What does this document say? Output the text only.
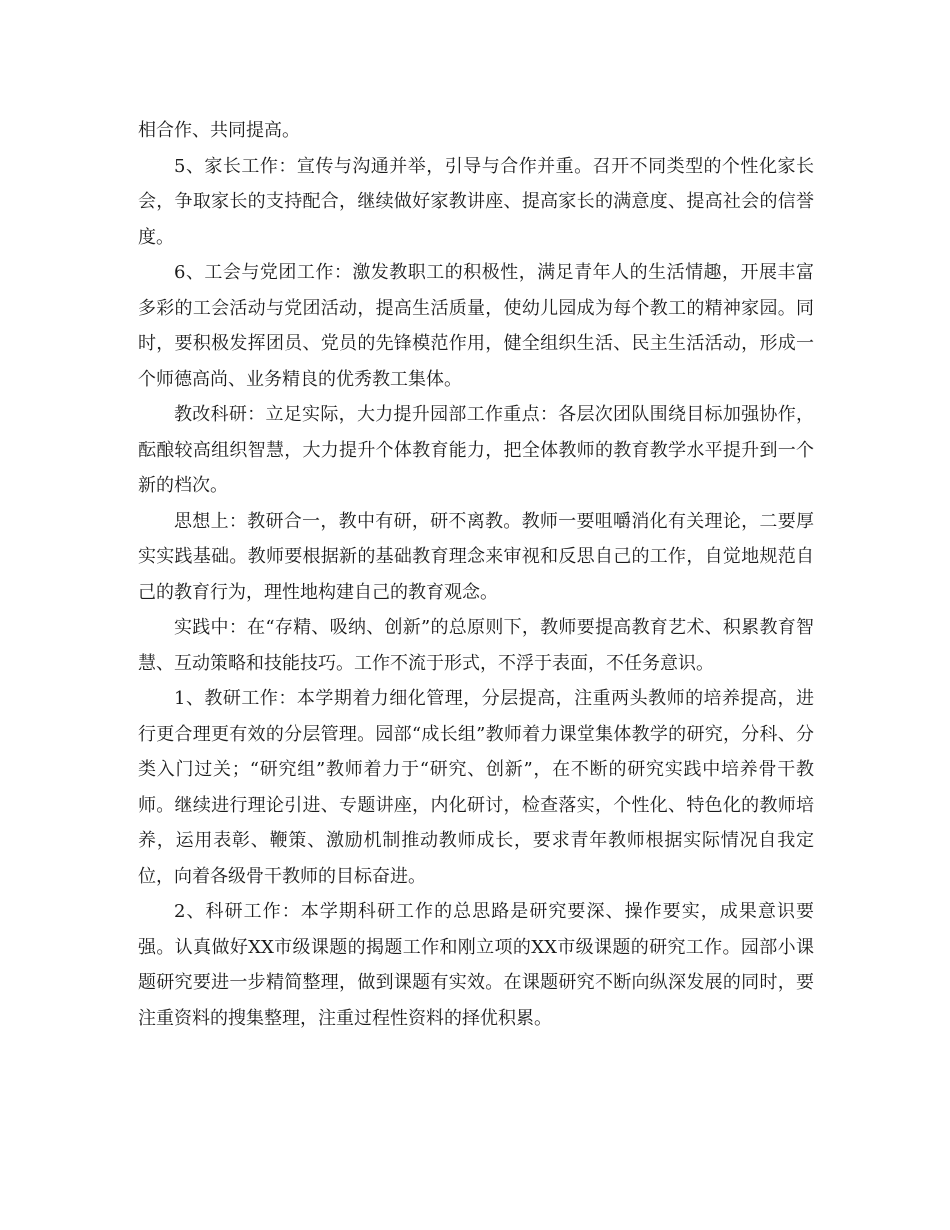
相合作、共同提高。

5、家长工作：宣传与沟通并举，引导与合作并重。召开不同类型的个性化家长会，争取家长的支持配合，继续做好家教讲座、提高家长的满意度、提高社会的信誉度。

6、工会与党团工作：激发教职工的积极性，满足青年人的生活情趣，开展丰富多彩的工会活动与党团活动，提高生活质量，使幼儿园成为每个教工的精神家园。同时，要积极发挥团员、党员的先锋模范作用，健全组织生活、民主生活活动，形成一个师德高尚、业务精良的优秀教工集体。

教改科研：立足实际，大力提升园部工作重点：各层次团队围绕目标加强协作，酝酿较高组织智慧，大力提升个体教育能力，把全体教师的教育教学水平提升到一个新的档次。

思想上：教研合一，教中有研，研不离教。教师一要咀嚼消化有关理论，二要厚实实践基础。教师要根据新的基础教育理念来审视和反思自己的工作，自觉地规范自己的教育行为，理性地构建自己的教育观念。

实践中：在“存精、吸纳、创新”的总原则下，教师要提高教育艺术、积累教育智慧、互动策略和技能技巧。工作不流于形式，不浮于表面，不任务意识。

1、教研工作：本学期着力细化管理，分层提高，注重两头教师的培养提高，进行更合理更有效的分层管理。园部“成长组”教师着力课堂集体教学的研究，分科、分类入门过关；“研究组”教师着力于“研究、创新”，在不断的研究实践中培养骨干教师。继续进行理论引进、专题讲座，内化研讨，检查落实，个性化、特色化的教师培养，运用表彰、鞭策、激励机制推动教师成长，要求青年教师根据实际情况自我定位，向着各级骨干教师的目标奋进。

2、科研工作：本学期科研工作的总思路是研究要深、操作要实，成果意识要强。认真做好XX市级课题的揭题工作和刚立项的XX市级课题的研究工作。园部小课题研究要进一步精简整理，做到课题有实效。在课题研究不断向纵深发展的同时，要注重资料的搜集整理，注重过程性资料的择优积累。
